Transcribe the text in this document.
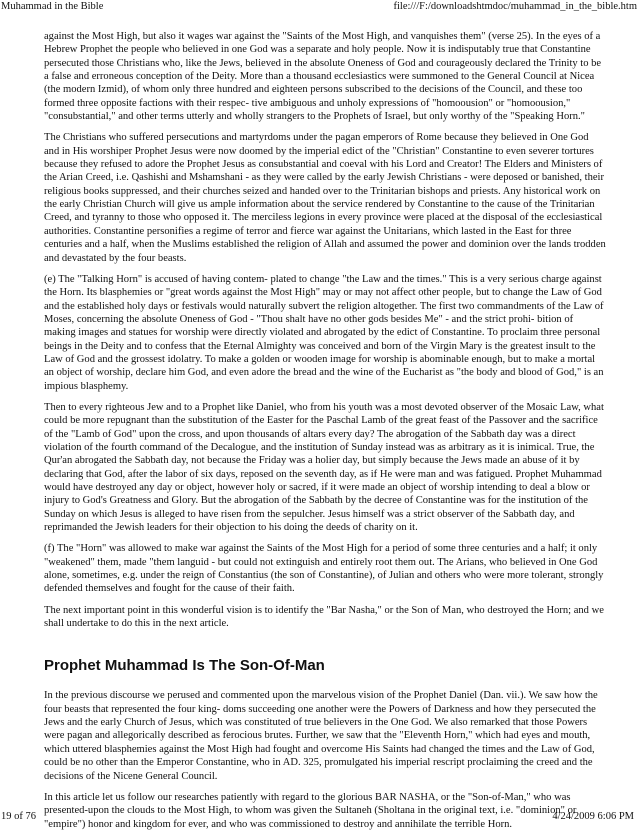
Muhammad in the Bible	file:///F:/downloadshtmdoc/muhammad_in_the_bible.htm

against the Most High, but also it wages war against the "Saints of the Most High, and vanquishes them" (verse 25). In the eyes of a Hebrew Prophet the people who believed in one God was a separate and holy people. Now it is indisputably true that Constantine persecuted those Christians who, like the Jews, believed in the absolute Oneness of God and courageously declared the Trinity to be a false and erroneous conception of the Deity. More than a thousand ecclesiastics were summoned to the General Council at Nicea (the modern Izmid), of whom only three hundred and eighteen persons subscribed to the decisions of the Council, and these too formed three opposite factions with their respec- tive ambiguous and unholy expressions of "homoousion" or "homoousion," "consubstantial," and other terms utterly and wholly strangers to the Prophets of Israel, but only worthy of the "Speaking Horn."

The Christians who suffered persecutions and martyrdoms under the pagan emperors of Rome because they believed in One God and in His worshiper Prophet Jesus were now doomed by the imperial edict of the "Christian" Constantine to even severer tortures because they refused to adore the Prophet Jesus as consubstantial and coeval with his Lord and Creator! The Elders and Ministers of the Arian Creed, i.e. Qashishi and Mshamshani - as they were called by the early Jewish Christians - were deposed or banished, their religious books suppressed, and their churches seized and handed over to the Trinitarian bishops and priests. Any historical work on the early Christian Church will give us ample information about the service rendered by Constantine to the cause of the Trinitarian Creed, and tyranny to those who opposed it. The merciless legions in every province were placed at the disposal of the ecclesiastical authorities. Constantine personifies a regime of terror and fierce war against the Unitarians, which lasted in the East for three centuries and a half, when the Muslims established the religion of Allah and assumed the power and dominion over the lands trodden and devastated by the four beasts.

(e) The "Talking Horn" is accused of having contem- plated to change "the Law and the times." This is a very serious charge against the Horn. Its blasphemies or "great words against the Most High" may or may not affect other people, but to change the Law of God and the established holy days or festivals would naturally subvert the religion altogether. The first two commandments of the Law of Moses, concerning the absolute Oneness of God - "Thou shalt have no other gods besides Me" - and the strict prohi- bition of making images and statues for worship were directly violated and abrogated by the edict of Constantine. To proclaim three personal beings in the Deity and to confess that the Eternal Almighty was conceived and born of the Virgin Mary is the greatest insult to the Law of God and the grossest idolatry. To make a golden or wooden image for worship is abominable enough, but to make a mortal an object of worship, declare him God, and even adore the bread and the wine of the Eucharist as "the body and blood of God," is an impious blasphemy.

Then to every righteous Jew and to a Prophet like Daniel, who from his youth was a most devoted observer of the Mosaic Law, what could be more repugnant than the substitution of the Easter for the Paschal Lamb of the great feast of the Passover and the sacrifice of the "Lamb of God" upon the cross, and upon thousands of altars every day? The abrogation of the Sabbath day was a direct violation of the fourth command of the Decalogue, and the institution of Sunday instead was as arbitrary as it is inimical. True, the Qur'an abrogated the Sabbath day, not because the Friday was a holier day, but simply because the Jews made an abuse of it by declaring that God, after the labor of six days, reposed on the seventh day, as if He were man and was fatigued. Prophet Muhammad would have destroyed any day or object, however holy or sacred, if it were made an object of worship intending to deal a blow or injury to God's Greatness and Glory. But the abrogation of the Sabbath by the decree of Constantine was for the institution of the Sunday on which Jesus is alleged to have risen from the sepulcher. Jesus himself was a strict observer of the Sabbath day, and reprimanded the Jewish leaders for their objection to his doing the deeds of charity on it.

(f) The "Horn" was allowed to make war against the Saints of the Most High for a period of some three centuries and a half; it only "weakened" them, made "them languid - but could not extinguish and entirely root them out. The Arians, who believed in One God alone, sometimes, e.g. under the reign of Constantius (the son of Constantine), of Julian and others who were more tolerant, strongly defended themselves and fought for the cause of their faith.

The next important point in this wonderful vision is to identify the "Bar Nasha," or the Son of Man, who destroyed the Horn; and we shall undertake to do this in the next article.

Prophet Muhammad Is The Son-Of-Man

In the previous discourse we perused and commented upon the marvelous vision of the Prophet Daniel (Dan. vii.). We saw how the four beasts that represented the four king- doms succeeding one another were the Powers of Darkness and how they persecuted the Jews and the early Church of Jesus, which was constituted of true believers in the One God. We also remarked that those Powers were pagan and allegorically described as ferocious brutes. Further, we saw that the "Eleventh Horn," which had eyes and mouth, which uttered blasphemies against the Most High had fought and overcome His Saints had changed the times and the Law of God, could be no other than the Emperor Constantine, who in AD. 325, promulgated his imperial rescript proclaiming the creed and the decisions of the Nicene General Council.

In this article let us follow our researches patiently with regard to the glorious BAR NASHA, or the "Son-of-Man," who was presented-upon the clouds to the Most High, to whom was given the Sultaneh (Sholtana in the original text, i.e. "dominion" or "empire") honor and kingdom for ever, and who was commissioned to destroy and annihilate the terrible Horn.

19 of 76	4/24/2009 6:06 PM
